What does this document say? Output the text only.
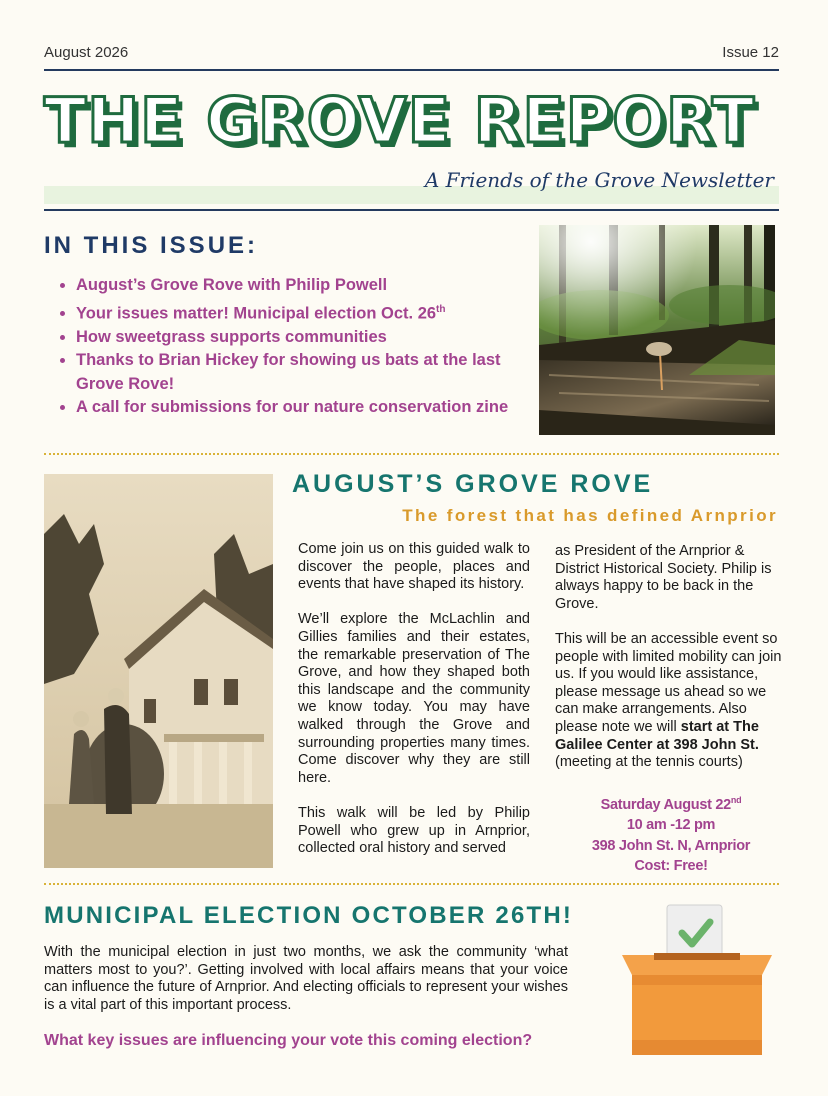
August 2026	Issue 12
THE GROVE REPORT
A Friends of the Grove Newsletter
IN THIS ISSUE:
• August’s Grove Rove with Philip Powell
• Your issues matter! Municipal election Oct. 26th
• How sweetgrass supports communities
• Thanks to Brian Hickey for showing us bats at the last Grove Rove!
• A call for submissions for our nature conservation zine
AUGUST’S GROVE ROVE
The forest that has defined Arnprior

Come join us on this guided walk to discover the people, places and events that have shaped its history.

We’ll explore the McLachlin and Gillies families and their estates, the remarkable preservation of The Grove, and how they shaped both this landscape and the community we know today. You may have walked through the Grove and surrounding properties many times. Come discover why they are still here.

This walk will be led by Philip Powell who grew up in Arnprior, collected oral history and served

as President of the Arnprior & District Historical Society. Philip is always happy to be back in the Grove.

This will be an accessible event so people with limited mobility can join us. If you would like assistance, please message us ahead so we can make arrangements. Also please note we will start at The Galilee Center at 398 John St. (meeting at the tennis courts)

Saturday August 22nd
10 am -12 pm
398 John St. N, Arnprior
Cost: Free!
MUNICIPAL ELECTION OCTOBER 26TH!

With the municipal election in just two months, we ask the community ‘what matters most to you?’. Getting involved with local affairs means that your voice can influence the future of Arnprior. And electing officials to represent your wishes is a vital part of this important process.

What key issues are influencing your vote this coming election?
